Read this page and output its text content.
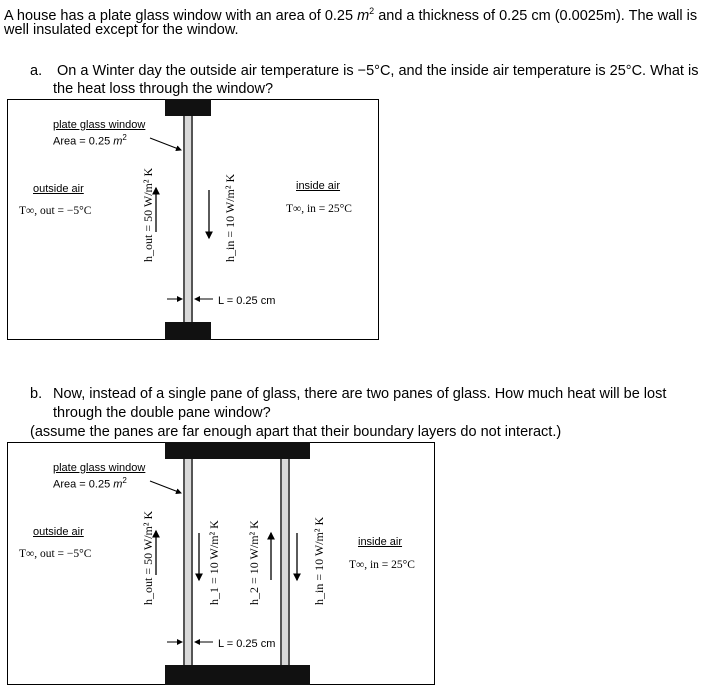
A house has a plate glass window with an area of 0.25 $m^2$ and a thickness of 0.25 cm (0.0025m). The wall is
well insulated except for the window.
a. On a Winter day the outside air temperature is −5°C, and the inside air temperature is 25°C. What is
the heat loss through the window?
plate glass window
Area = 0.25 $m^2$
outside air
T∞, out = −5°C
inside air
T∞, in = 25°C
h_out = 50 W/m² K	h_in = 10 W/m² K
L = 0.25 cm
b. Now, instead of a single pane of glass, there are two panes of glass. How much heat will be lost
through the double pane window?
(assume the panes are far enough apart that their boundary layers do not interact.)
plate glass window
Area = 0.25 $m^2$
outside air
T∞, out = −5°C
inside air
T∞, in = 25°C
h_out = 50 W/m² K	h_1 = 10 W/m² K h_2 = 10 W/m² K	h_in = 10 W/m² K
L = 0.25 cm
